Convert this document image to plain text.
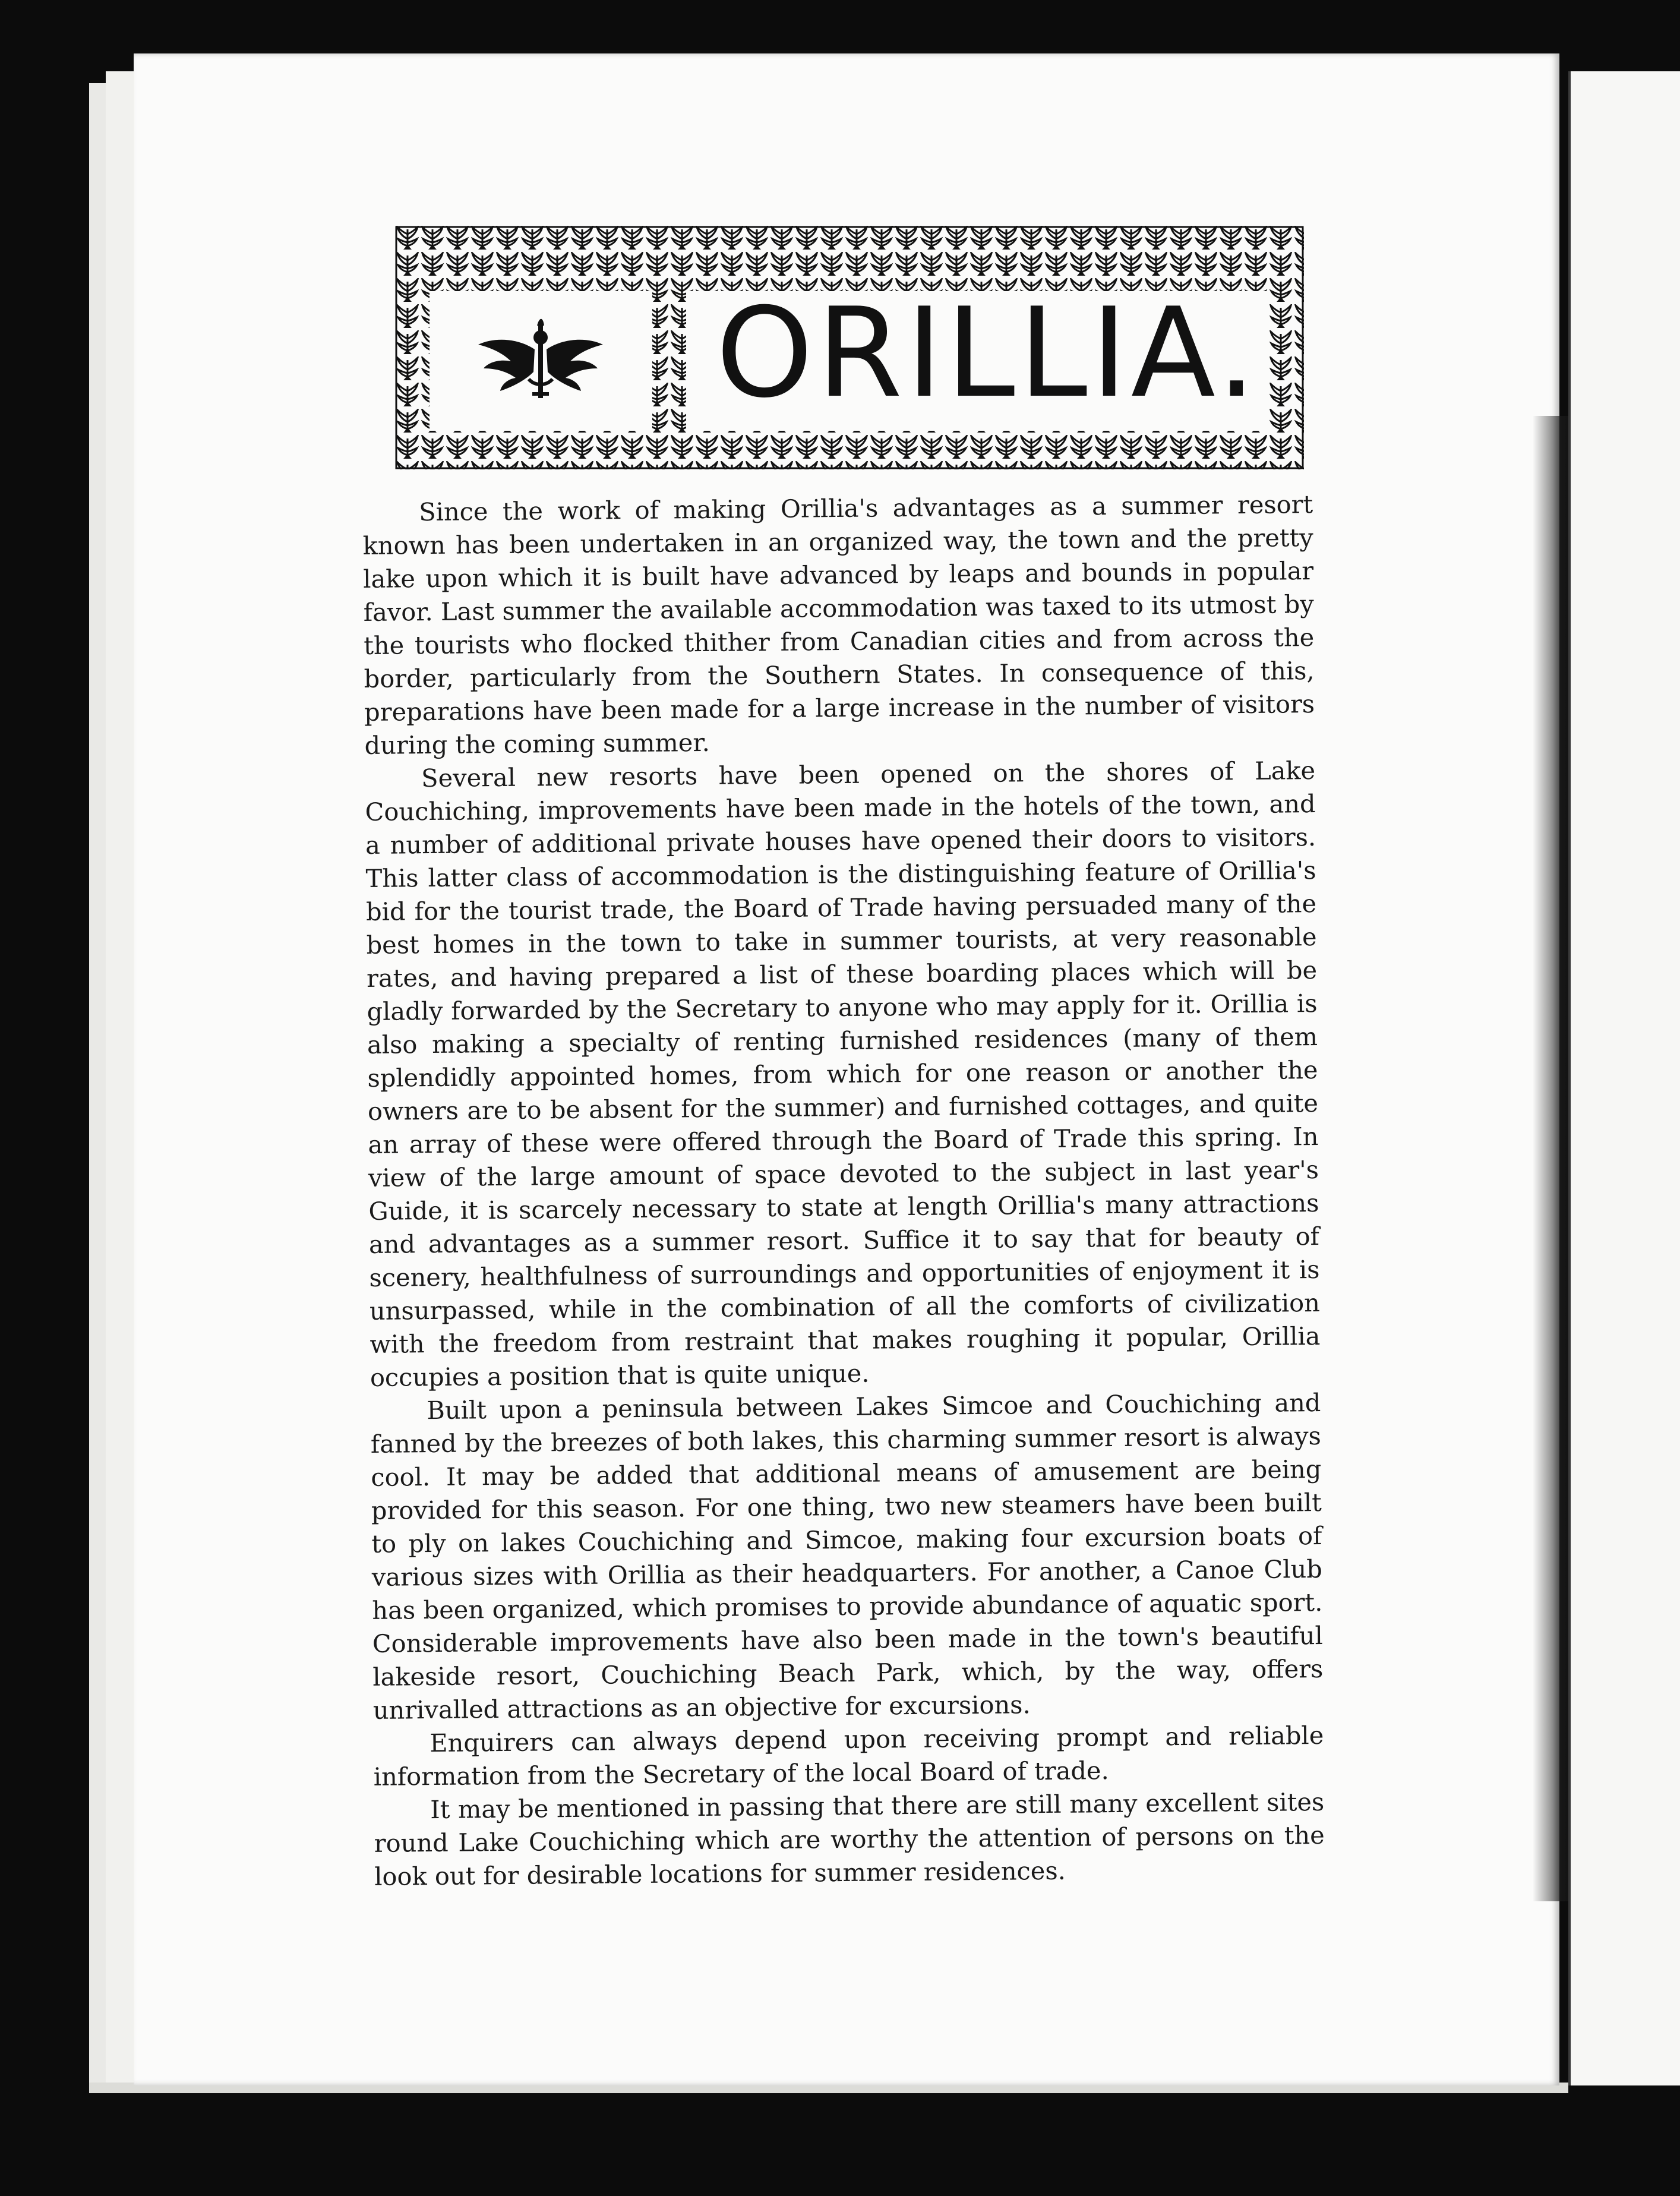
ORILLIA.

Since the work of making Orillia's advantages as a summer resort known has been undertaken in an organized way, the town and the pretty lake upon which it is built have advanced by leaps and bounds in popular favor. Last summer the available accommodation was taxed to its utmost by the tourists who flocked thither from Canadian cities and from across the border, particularly from the Southern States. In consequence of this, preparations have been made for a large increase in the number of visitors during the coming summer.

Several new resorts have been opened on the shores of Lake Couchiching, improvements have been made in the hotels of the town, and a number of additional private houses have opened their doors to visitors. This latter class of accommodation is the distinguishing feature of Orillia's bid for the tourist trade, the Board of Trade having persuaded many of the best homes in the town to take in summer tourists, at very reasonable rates, and having prepared a list of these boarding places which will be gladly forwarded by the Secretary to anyone who may apply for it. Orillia is also making a specialty of renting furnished residences (many of them splendidly appointed homes, from which for one reason or another the owners are to be absent for the summer) and furnished cottages, and quite an array of these were offered through the Board of Trade this spring. In view of the large amount of space devoted to the subject in last year's Guide, it is scarcely necessary to state at length Orillia's many attractions and advantages as a summer resort. Suffice it to say that for beauty of scenery, healthfulness of surroundings and opportunities of enjoyment it is unsurpassed, while in the combination of all the comforts of civilization with the freedom from restraint that makes roughing it popular, Orillia occupies a position that is quite unique.

Built upon a peninsula between Lakes Simcoe and Couchiching and fanned by the breezes of both lakes, this charming summer resort is always cool. It may be added that additional means of amusement are being provided for this season. For one thing, two new steamers have been built to ply on lakes Couchiching and Simcoe, making four excursion boats of various sizes with Orillia as their headquarters. For another, a Canoe Club has been organized, which promises to provide abundance of aquatic sport. Considerable improvements have also been made in the town's beautiful lakeside resort, Couchiching Beach Park, which, by the way, offers unrivalled attractions as an objective for excursions.

Enquirers can always depend upon receiving prompt and reliable information from the Secretary of the local Board of trade.

It may be mentioned in passing that there are still many excellent sites round Lake Couchiching which are worthy the attention of persons on the look out for desirable locations for summer residences.
